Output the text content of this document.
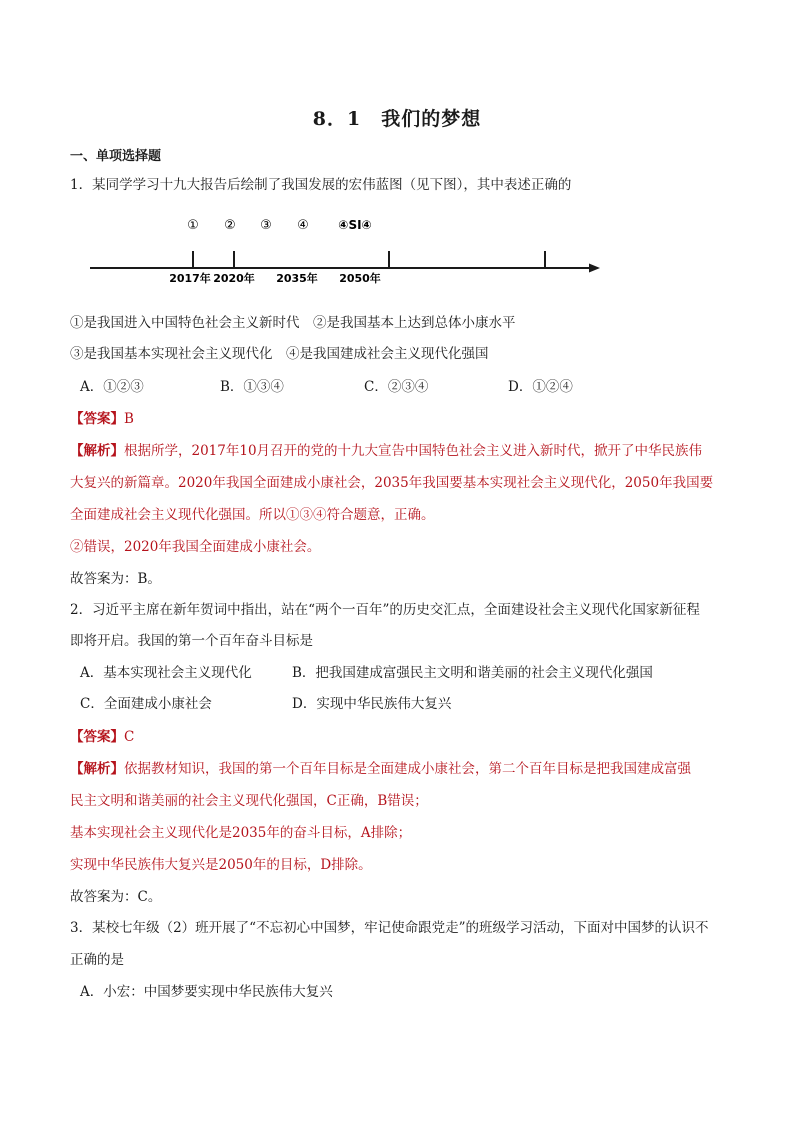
8．1　我们的梦想
一、单项选择题
1．某同学学习十九大报告后绘制了我国发展的宏伟蓝图（见下图），其中表述正确的
① ② ③ ④ ④SI④
2017年 2020年 2035年 2050年
①是我国进入中国特色社会主义新时代　②是我国基本上达到总体小康水平
③是我国基本实现社会主义现代化　④是我国建成社会主义现代化强国
A．①②③	B．①③④	C．②③④	D．①②④
【答案】B
【解析】根据所学，2017年10月召开的党的十九大宣告中国特色社会主义进入新时代，掀开了中华民族伟
大复兴的新篇章。2020年我国全面建成小康社会，2035年我国要基本实现社会主义现代化，2050年我国要
全面建成社会主义现代化强国。所以①③④符合题意，正确。
②错误，2020年我国全面建成小康社会。
故答案为：B。
2．习近平主席在新年贺词中指出，站在“两个一百年”的历史交汇点，全面建设社会主义现代化国家新征程
即将开启。我国的第一个百年奋斗目标是
A．基本实现社会主义现代化	B．把我国建成富强民主文明和谐美丽的社会主义现代化强国
C．全面建成小康社会	D．实现中华民族伟大复兴
【答案】C
【解析】依据教材知识，我国的第一个百年目标是全面建成小康社会，第二个百年目标是把我国建成富强
民主文明和谐美丽的社会主义现代化强国，C正确，B错误；
基本实现社会主义现代化是2035年的奋斗目标，A排除；
实现中华民族伟大复兴是2050年的目标，D排除。
故答案为：C。
3．某校七年级（2）班开展了“不忘初心中国梦，牢记使命跟党走”的班级学习活动，下面对中国梦的认识不
正确的是
A．小宏：中国梦要实现中华民族伟大复兴
